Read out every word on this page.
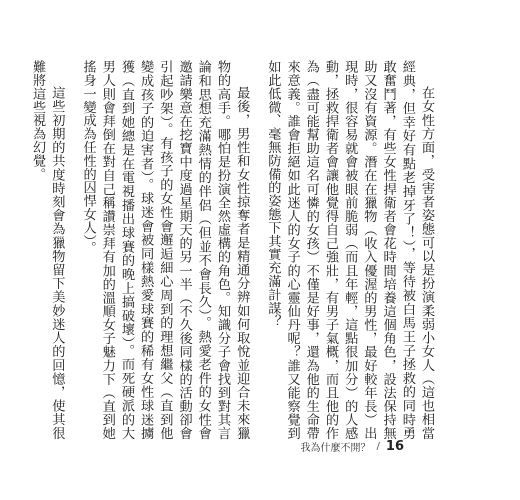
在女性方面，受害者姿態可以是扮演柔弱小女人（這也相當經典，但幸好有點老掉牙了！），等待被白馬王子拯救的同時勇敢奮鬥著，有些女性捍衛者會花時間培養這個角色，設法保持無助又沒有資源。潛在在獵物（收入優渥的男性，最好較年長）出現時，很容易就會被眼前脆弱（而且年輕，這點很加分）的人感動，拯救捍衛者會讓他覺得自己強壯，有男子氣概，而且他的作為（盡可能幫助這名可憐的女孩）不僅是好事，還為他的生命帶來意義。誰會拒絕如此迷人的女子的心靈仙丹呢？誰又能察覺到如此低微、毫無防備的姿態下其實充滿計謀？

最後，男性和女性掠奪者是精通分辨如何取悅並迎合未來獵物的高手。哪怕是扮演全然虛構的角色。知識分子會找到對其言論和思想充滿熱情的伴侶（但並不會長久）。熱愛老件的女性會邀請樂意在挖寶中度過星期天的另一半（不久後同樣的活動卻會引起吵架）。有孩子的女性會邂逅細心周到的理想繼父（直到他變成孩子的迫害者）。球迷會被同樣熱愛球賽的稀有女性球迷擄獲（直到她總是在電視播出球賽的晚上搞破壞）。而死硬派的大男人則會拜倒在對自己稱讚崇拜有加的溫順女子魅力下（直到她搖身一變成為任性的囚悍女人）。

這些初期的共度時刻會為獵物留下美妙迷人的回憶，使其很難將這些視為幻覺。

我為什麼不開？ / 16
